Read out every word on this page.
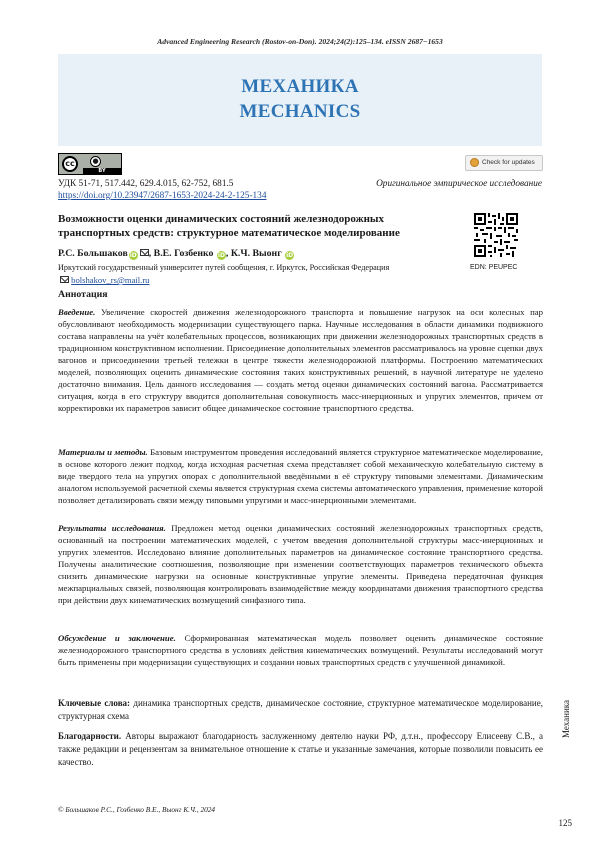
Advanced Engineering Research (Rostov-on-Don). 2024;24(2):125–134. eISSN 2687−1653
МЕХАНИКА
MECHANICS
cc	●
BY
Check for updates
УДК 51-71, 517.442, 629.4.015, 62-752, 681.5	Оригинальное эмпирическое исследование
https://doi.org/10.23947/2687-1653-2024-24-2-125-134
Возможности оценки динамических состояний железнодорожных транспортных средств: структурное математическое моделирование
Р.С. Большаков iD , В.Е. Гозбенко iD, К.Ч. Выонг iD
Иркутский государственный университет путей сообщения, г. Иркутск, Российская Федерация
bolshakov_rs@mail.ru
EDN: PEUPEC
Аннотация
Введение. Увеличение скоростей движения железнодорожного транспорта и повышение нагрузок на оси колесных пар обусловливают необходимость модернизации существующего парка. Научные исследования в области динамики подвижного состава направлены на учёт колебательных процессов, возникающих при движении железнодорожных транспортных средств в традиционном конструктивном исполнении. Присоединение дополнительных элементов рассматривалось на уровне сцепки двух вагонов и присоединении третьей тележки в центре тяжести железнодорожной платформы. Построению математических моделей, позволяющих оценить динамические состояния таких конструктивных решений, в научной литературе не уделено достаточно внимания. Цель данного исследования — создать метод оценки динамических состояний вагона. Рассматривается ситуация, когда в его структуру вводится дополнительная совокупность масс-инерционных и упругих элементов, причем от корректировки их параметров зависит общее динамическое состояние транспортного средства.
Материалы и методы. Базовым инструментом проведения исследований является структурное математическое моделирование, в основе которого лежит подход, когда исходная расчетная схема представляет собой механическую колебательную систему в виде твердого тела на упругих опорах с дополнительной введёнными в её структуру типовыми элементами. Динамическим аналогом используемой расчетной схемы является структурная схема системы автоматического управления, применение которой позволяет детализировать связи между типовыми упругими и масс-инерционными элементами.
Результаты исследования. Предложен метод оценки динамических состояний железнодорожных транспортных средств, основанный на построении математических моделей, с учетом введения дополнительной структуры масс-инерционных и упругих элементов. Исследовано влияние дополнительных параметров на динамическое состояние транспортного средства. Получены аналитические соотношения, позволяющие при изменении соответствующих параметров технического объекта снизить динамические нагрузки на основные конструктивные упругие элементы. Приведена передаточная функция межпарциальных связей, позволяющая контролировать взаимодействие между координатами движения транспортного средства при действии двух кинематических возмущений синфазного типа.
Обсуждение и заключение. Сформированная математическая модель позволяет оценить динамическое состояние железнодорожного транспортного средства в условиях действия кинематических возмущений. Результаты исследований могут быть применены при модернизации существующих и создании новых транспортных средств с улучшенной динамикой.
Ключевые слова: динамика транспортных средств, динамическое состояние, структурное математическое моделирование, структурная схема
Благодарности. Авторы выражают благодарность заслуженному деятелю науки РФ, д.т.н., профессору Елисееву С.В., а также редакции и рецензентам за внимательное отношение к статье и указанные замечания, которые позволили повысить ее качество.
Механика
© Большаков Р.С., Гозбенко В.Е., Выонг К.Ч., 2024
125
